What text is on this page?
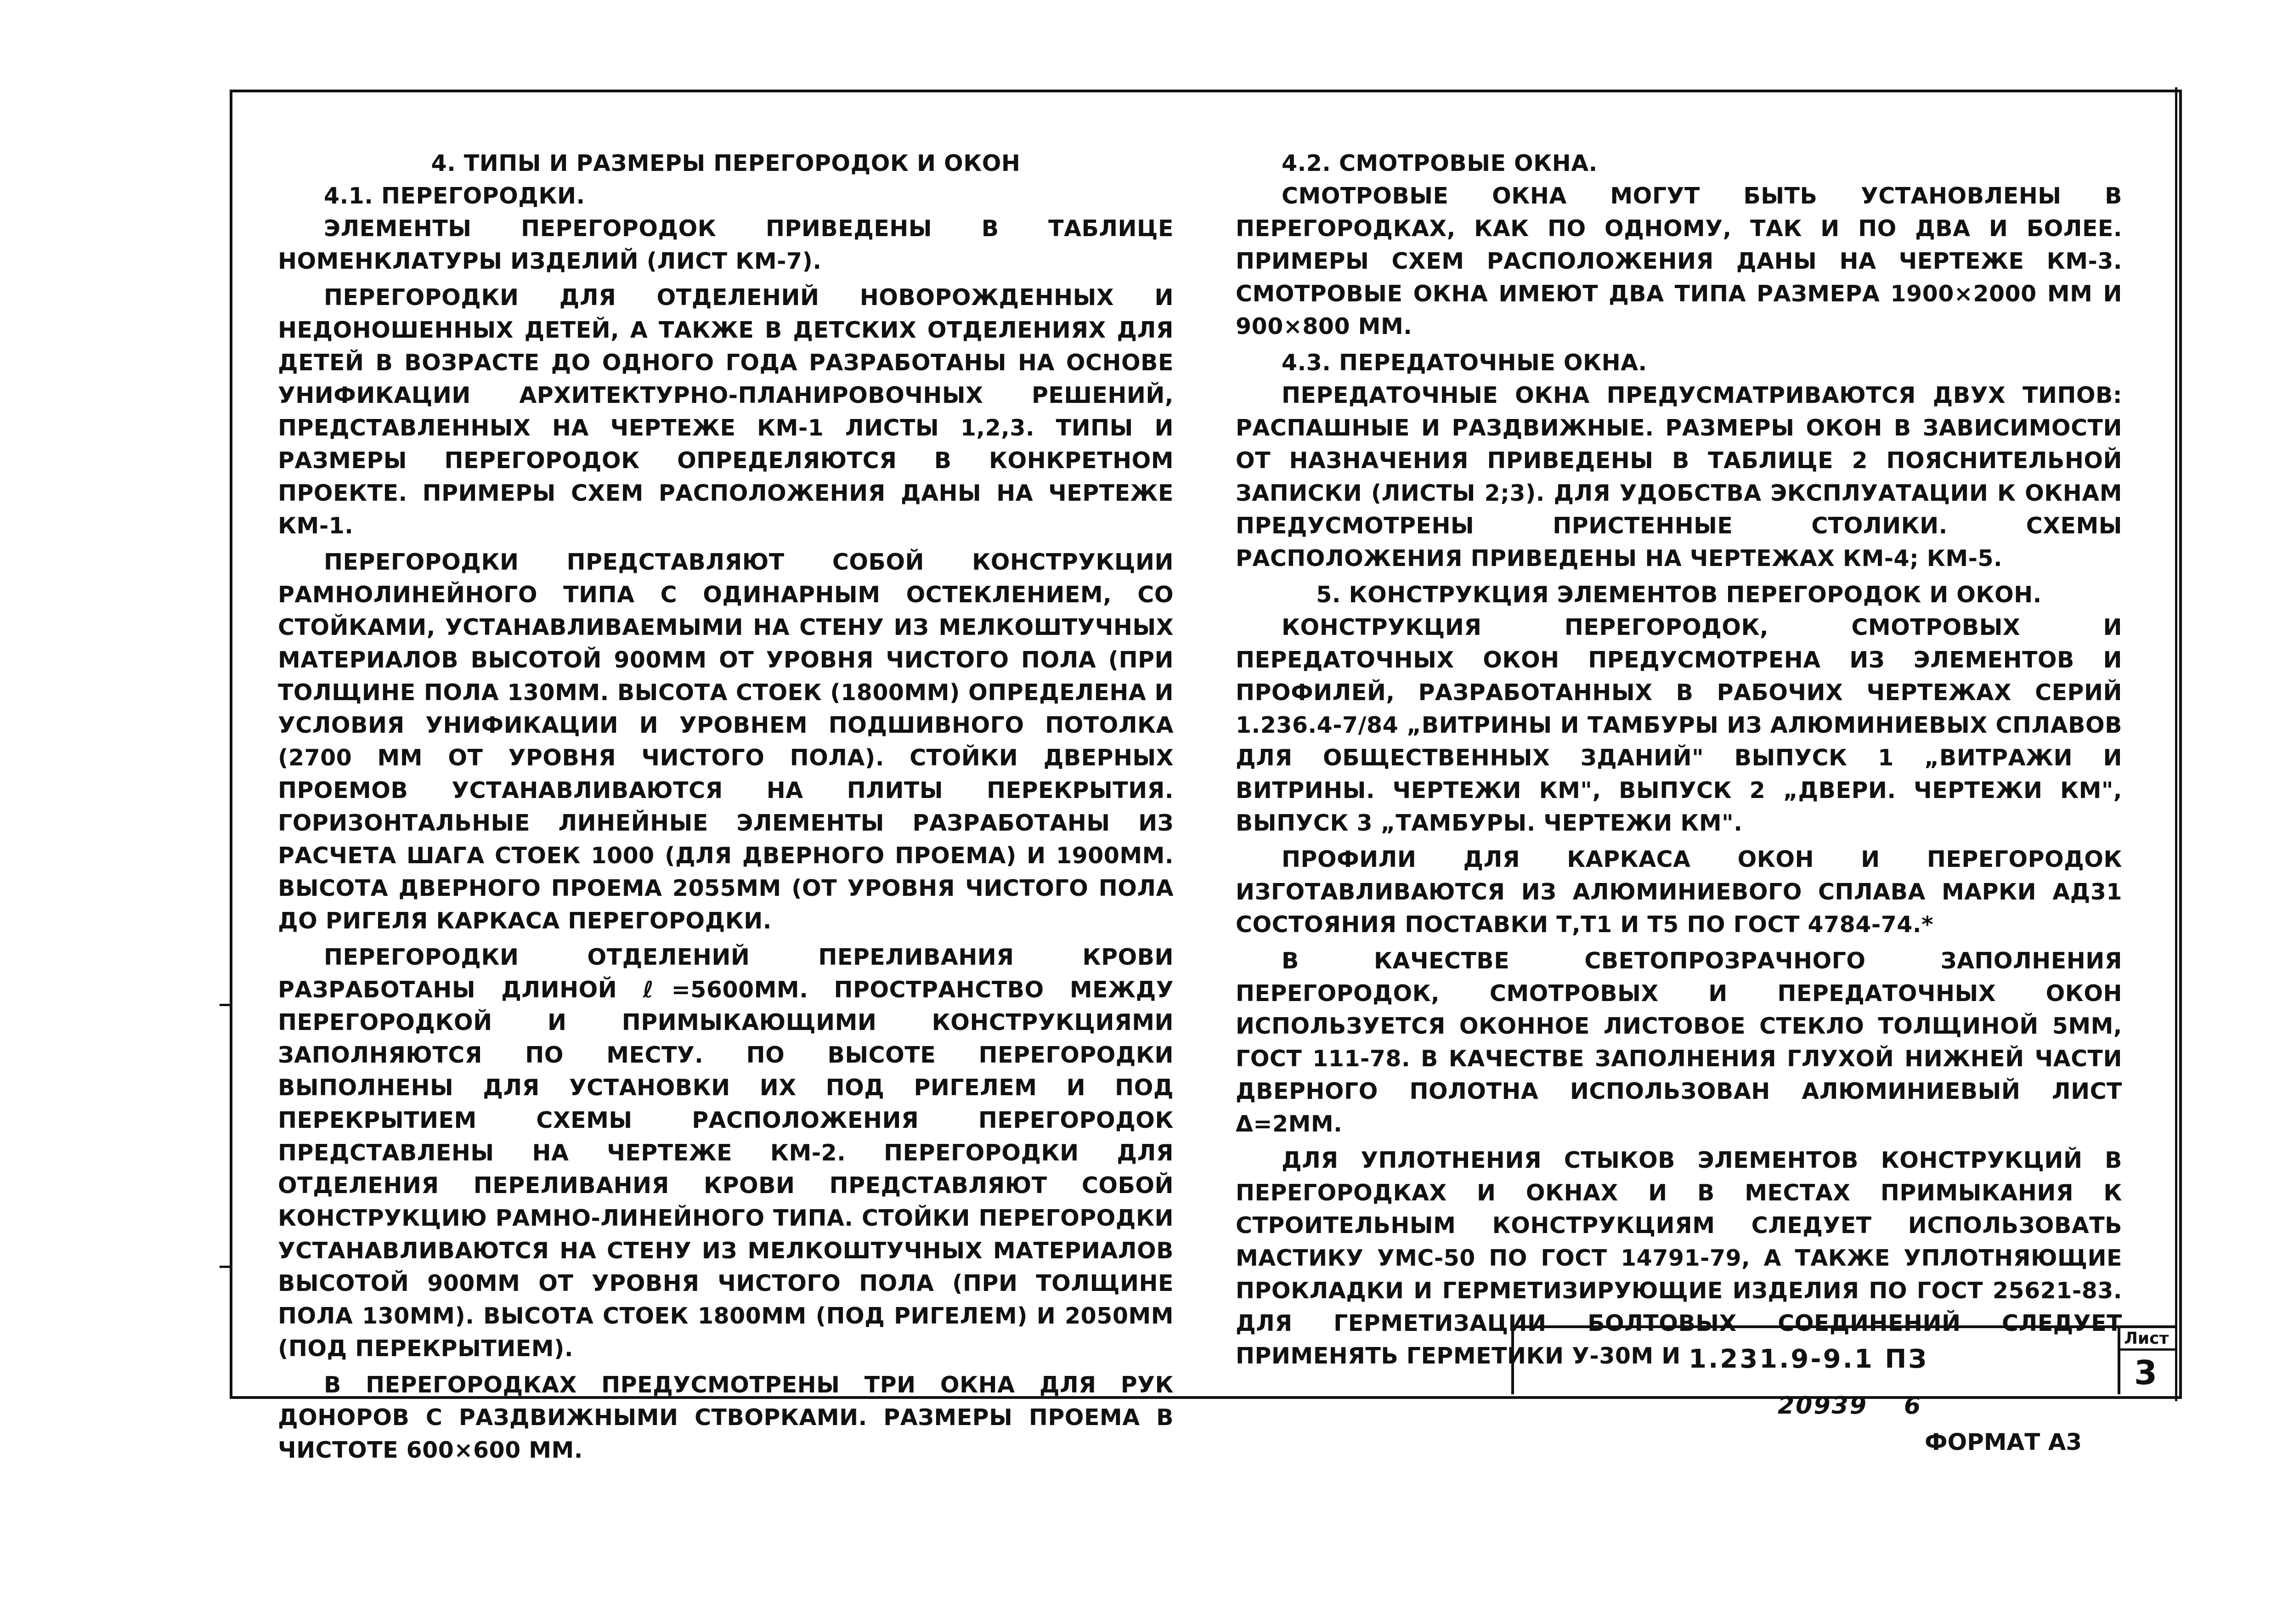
4. ТИПЫ И РАЗМЕРЫ ПЕРЕГОРОДОК И ОКОН
4.1. ПЕРЕГОРОДКИ.

ЭЛЕМЕНТЫ ПЕРЕГОРОДОК ПРИВЕДЕНЫ В ТАБЛИЦЕ НОМЕНКЛАТУРЫ ИЗДЕЛИЙ (ЛИСТ КМ-7).

ПЕРЕГОРОДКИ ДЛЯ ОТДЕЛЕНИЙ НОВОРОЖДЕННЫХ И НЕДОНОШЕННЫХ ДЕТЕЙ, А ТАКЖЕ В ДЕТСКИХ ОТДЕЛЕНИЯХ ДЛЯ ДЕТЕЙ В ВОЗРАСТЕ ДО ОДНОГО ГОДА РАЗРАБОТАНЫ НА ОСНОВЕ УНИФИКАЦИИ АРХИТЕКТУРНО-ПЛАНИРОВОЧНЫХ РЕШЕНИЙ, ПРЕДСТАВЛЕННЫХ НА ЧЕРТЕЖЕ КМ-1 ЛИСТЫ 1,2,3. ТИПЫ И РАЗМЕРЫ ПЕРЕГОРОДОК ОПРЕДЕЛЯЮТСЯ В КОНКРЕТНОМ ПРОЕКТЕ. ПРИМЕРЫ СХЕМ РАСПОЛОЖЕНИЯ ДАНЫ НА ЧЕРТЕЖЕ КМ-1.

ПЕРЕГОРОДКИ ПРЕДСТАВЛЯЮТ СОБОЙ КОНСТРУКЦИИ РАМНОЛИНЕЙНОГО ТИПА С ОДИНАРНЫМ ОСТЕКЛЕНИЕМ, СО СТОЙКАМИ, УСТАНАВЛИВАЕМЫМИ НА СТЕНУ ИЗ МЕЛКОШТУЧНЫХ МАТЕРИАЛОВ ВЫСОТОЙ 900ММ ОТ УРОВНЯ ЧИСТОГО ПОЛА (ПРИ ТОЛЩИНЕ ПОЛА 130ММ. ВЫСОТА СТОЕК (1800ММ) ОПРЕДЕЛЕНА И УСЛОВИЯ УНИФИКАЦИИ И УРОВНЕМ ПОДШИВНОГО ПОТОЛКА (2700 ММ ОТ УРОВНЯ ЧИСТОГО ПОЛА). СТОЙКИ ДВЕРНЫХ ПРОЕМОВ УСТАНАВЛИВАЮТСЯ НА ПЛИТЫ ПЕРЕКРЫТИЯ. ГОРИЗОНТАЛЬНЫЕ ЛИНЕЙНЫЕ ЭЛЕМЕНТЫ РАЗРАБОТАНЫ ИЗ РАСЧЕТА ШАГА СТОЕК 1000 (ДЛЯ ДВЕРНОГО ПРОЕМА) И 1900ММ. ВЫСОТА ДВЕРНОГО ПРОЕМА 2055ММ (ОТ УРОВНЯ ЧИСТОГО ПОЛА ДО РИГЕЛЯ КАРКАСА ПЕРЕГОРОДКИ.

ПЕРЕГОРОДКИ ОТДЕЛЕНИЙ ПЕРЕЛИВАНИЯ КРОВИ РАЗРАБОТАНЫ ДЛИНОЙ ℓ=5600ММ. ПРОСТРАНСТВО МЕЖДУ ПЕРЕГОРОДКОЙ И ПРИМЫКАЮЩИМИ КОНСТРУКЦИЯМИ ЗАПОЛНЯЮТСЯ ПО МЕСТУ. ПО ВЫСОТЕ ПЕРЕГОРОДКИ ВЫПОЛНЕНЫ ДЛЯ УСТАНОВКИ ИХ ПОД РИГЕЛЕМ И ПОД ПЕРЕКРЫТИЕМ СХЕМЫ РАСПОЛОЖЕНИЯ ПЕРЕГОРОДОК ПРЕДСТАВЛЕНЫ НА ЧЕРТЕЖЕ КМ-2. ПЕРЕГОРОДКИ ДЛЯ ОТДЕЛЕНИЯ ПЕРЕЛИВАНИЯ КРОВИ ПРЕДСТАВЛЯЮТ СОБОЙ КОНСТРУКЦИЮ РАМНО-ЛИНЕЙНОГО ТИПА. СТОЙКИ ПЕРЕГОРОДКИ УСТАНАВЛИВАЮТСЯ НА СТЕНУ ИЗ МЕЛКОШТУЧНЫХ МАТЕРИАЛОВ ВЫСОТОЙ 900ММ ОТ УРОВНЯ ЧИСТОГО ПОЛА (ПРИ ТОЛЩИНЕ ПОЛА 130ММ). ВЫСОТА СТОЕК 1800ММ (ПОД РИГЕЛЕМ) И 2050ММ (ПОД ПЕРЕКРЫТИЕМ).

В ПЕРЕГОРОДКАХ ПРЕДУСМОТРЕНЫ ТРИ ОКНА ДЛЯ РУК ДОНОРОВ С РАЗДВИЖНЫМИ СТВОРКАМИ. РАЗМЕРЫ ПРОЕМА В ЧИСТОТЕ 600×600 ММ.

4.2. СМОТРОВЫЕ ОКНА.

СМОТРОВЫЕ ОКНА МОГУТ БЫТЬ УСТАНОВЛЕНЫ В ПЕРЕГОРОДКАХ, КАК ПО ОДНОМУ, ТАК И ПО ДВА И БОЛЕЕ. ПРИМЕРЫ СХЕМ РАСПОЛОЖЕНИЯ ДАНЫ НА ЧЕРТЕЖЕ КМ-3. СМОТРОВЫЕ ОКНА ИМЕЮТ ДВА ТИПА РАЗМЕРА 1900×2000 ММ И 900×800 ММ.

4.3. ПЕРЕДАТОЧНЫЕ ОКНА.

ПЕРЕДАТОЧНЫЕ ОКНА ПРЕДУСМАТРИВАЮТСЯ ДВУХ ТИПОВ: РАСПАШНЫЕ И РАЗДВИЖНЫЕ. РАЗМЕРЫ ОКОН В ЗАВИСИМОСТИ ОТ НАЗНАЧЕНИЯ ПРИВЕДЕНЫ В ТАБЛИЦЕ 2 ПОЯСНИТЕЛЬНОЙ ЗАПИСКИ (ЛИСТЫ 2;3). ДЛЯ УДОБСТВА ЭКСПЛУАТАЦИИ К ОКНАМ ПРЕДУСМОТРЕНЫ ПРИСТЕННЫЕ СТОЛИКИ. СХЕМЫ РАСПОЛОЖЕНИЯ ПРИВЕДЕНЫ НА ЧЕРТЕЖАХ КМ-4; КМ-5.

5. КОНСТРУКЦИЯ ЭЛЕМЕНТОВ ПЕРЕГОРОДОК И ОКОН.

КОНСТРУКЦИЯ ПЕРЕГОРОДОК, СМОТРОВЫХ И ПЕРЕДАТОЧНЫХ ОКОН ПРЕДУСМОТРЕНА ИЗ ЭЛЕМЕНТОВ И ПРОФИЛЕЙ, РАЗРАБОТАННЫХ В РАБОЧИХ ЧЕРТЕЖАХ СЕРИЙ 1.236.4-7/84 „ВИТРИНЫ И ТАМБУРЫ ИЗ АЛЮМИНИЕВЫХ СПЛАВОВ ДЛЯ ОБЩЕСТВЕННЫХ ЗДАНИЙ" ВЫПУСК 1 „ВИТРАЖИ И ВИТРИНЫ. ЧЕРТЕЖИ КМ", ВЫПУСК 2 „ДВЕРИ. ЧЕРТЕЖИ КМ", ВЫПУСК 3 „ТАМБУРЫ. ЧЕРТЕЖИ КМ".

ПРОФИЛИ ДЛЯ КАРКАСА ОКОН И ПЕРЕГОРОДОК ИЗГОТАВЛИВАЮТСЯ ИЗ АЛЮМИНИЕВОГО СПЛАВА МАРКИ АД31 СОСТОЯНИЯ ПОСТАВКИ Т,Т1 И Т5 ПО ГОСТ 4784-74.*

В КАЧЕСТВЕ СВЕТОПРОЗРАЧНОГО ЗАПОЛНЕНИЯ ПЕРЕГОРОДОК, СМОТРОВЫХ И ПЕРЕДАТОЧНЫХ ОКОН ИСПОЛЬЗУЕТСЯ ОКОННОЕ ЛИСТОВОЕ СТЕКЛО ТОЛЩИНОЙ 5ММ, ГОСТ 111-78. В КАЧЕСТВЕ ЗАПОЛНЕНИЯ ГЛУХОЙ НИЖНЕЙ ЧАСТИ ДВЕРНОГО ПОЛОТНА ИСПОЛЬЗОВАН АЛЮМИНИЕВЫЙ ЛИСТ Δ=2ММ.

ДЛЯ УПЛОТНЕНИЯ СТЫКОВ ЭЛЕМЕНТОВ КОНСТРУКЦИЙ В ПЕРЕГОРОДКАХ И ОКНАХ И В МЕСТАХ ПРИМЫКАНИЯ К СТРОИТЕЛЬНЫМ КОНСТРУКЦИЯМ СЛЕДУЕТ ИСПОЛЬЗОВАТЬ МАСТИКУ УМС-50 ПО ГОСТ 14791-79, А ТАКЖЕ УПЛОТНЯЮЩИЕ ПРОКЛАДКИ И ГЕРМЕТИЗИРУЮЩИЕ ИЗДЕЛИЯ ПО ГОСТ 25621-83. ДЛЯ ГЕРМЕТИЗАЦИИ БОЛТОВЫХ СОЕДИНЕНИЙ СЛЕДУЕТ ПРИМЕНЯТЬ ГЕРМЕТИКИ У-30М И 1.231.9-9.1 ПЗ
Лист
3
20939 6
ФОРМАТ А3
